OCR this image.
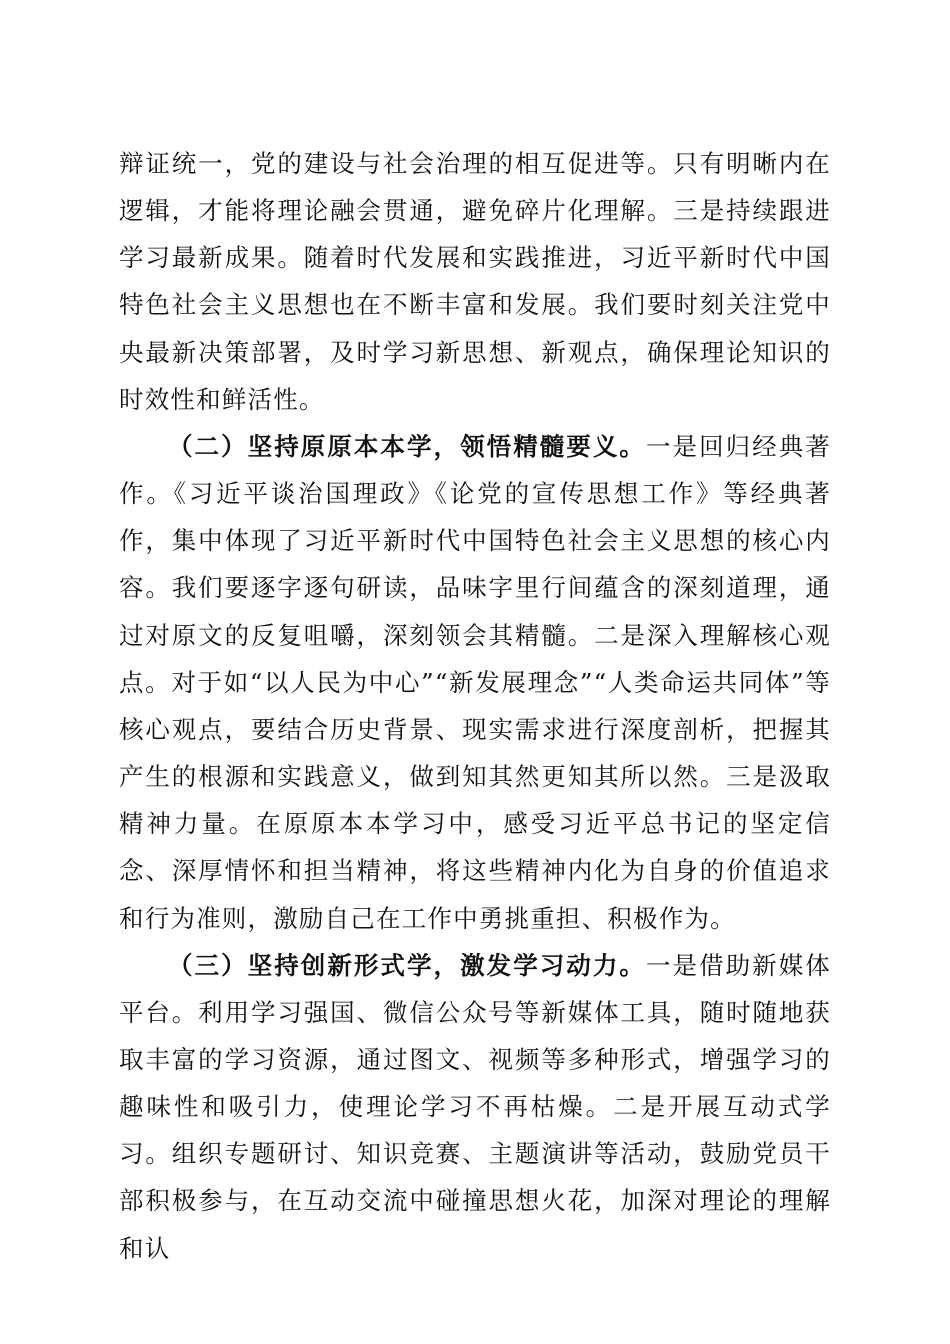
辩证统一，党的建设与社会治理的相互促进等。只有明晰内在逻辑，才能将理论融会贯通，避免碎片化理解。三是持续跟进学习最新成果。随着时代发展和实践推进，习近平新时代中国特色社会主义思想也在不断丰富和发展。我们要时刻关注党中央最新决策部署，及时学习新思想、新观点，确保理论知识的时效性和鲜活性。

（二）坚持原原本本学，领悟精髓要义。一是回归经典著作。《习近平谈治国理政》《论党的宣传思想工作》等经典著作，集中体现了习近平新时代中国特色社会主义思想的核心内容。我们要逐字逐句研读，品味字里行间蕴含的深刻道理，通过对原文的反复咀嚼，深刻领会其精髓。二是深入理解核心观点。对于如“以人民为中心”“新发展理念”“人类命运共同体”等核心观点，要结合历史背景、现实需求进行深度剖析，把握其产生的根源和实践意义，做到知其然更知其所以然。三是汲取精神力量。在原原本本学习中，感受习近平总书记的坚定信念、深厚情怀和担当精神，将这些精神内化为自身的价值追求和行为准则，激励自己在工作中勇挑重担、积极作为。

（三）坚持创新形式学，激发学习动力。一是借助新媒体平台。利用学习强国、微信公众号等新媒体工具，随时随地获取丰富的学习资源，通过图文、视频等多种形式，增强学习的趣味性和吸引力，使理论学习不再枯燥。二是开展互动式学习。组织专题研讨、知识竞赛、主题演讲等活动，鼓励党员干部积极参与，在互动交流中碰撞思想火花，加深对理论的理解和认
